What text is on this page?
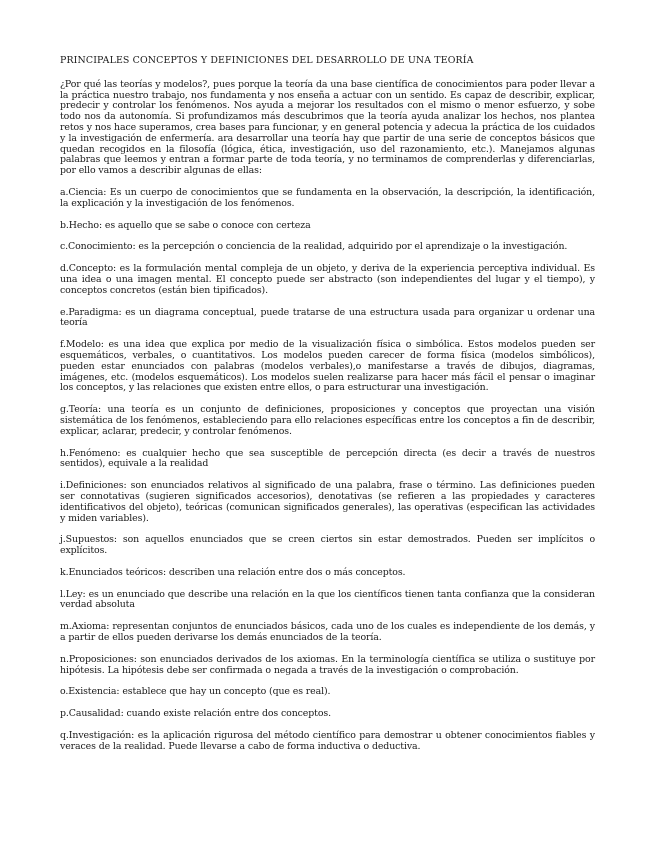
PRINCIPALES CONCEPTOS Y DEFINICIONES DEL DESARROLLO DE UNA TEORÍA

¿Por qué las teorías y modelos?, pues porque la teoría da una base científica de conocimientos para poder llevar a la práctica nuestro trabajo, nos fundamenta y nos enseña a actuar con un sentido. Es capaz de describir, explicar, predecir y controlar los fenómenos. Nos ayuda a mejorar los resultados con el mismo o menor esfuerzo, y sobe todo nos da autonomía. Si profundizamos más descubrimos que la teoría ayuda analizar los hechos, nos plantea retos y nos hace superamos, crea bases para funcionar, y en general potencia y adecua la práctica de los cuidados y la investigación de enfermería. ara desarrollar una teoría hay que partir de una serie de conceptos básicos que quedan recogidos en la filosofía (lógica, ética, investigación, uso del razonamiento, etc.). Manejamos algunas palabras que leemos y entran a formar parte de toda teoría, y no terminamos de comprenderlas y diferenciarlas, por ello vamos a describir algunas de ellas:

a.Ciencia: Es un cuerpo de conocimientos que se fundamenta en la observación, la descripción, la identificación, la explicación y la investigación de los fenómenos.

b.Hecho: es aquello que se sabe o conoce con certeza

c.Conocimiento: es la percepción o conciencia de la realidad, adquirido por el aprendizaje o la investigación.

d.Concepto: es la formulación mental compleja de un objeto, y deriva de la experiencia perceptiva individual. Es una idea o una imagen mental. El concepto puede ser abstracto (son independientes del lugar y el tiempo), y conceptos concretos (están bien tipificados).

e.Paradigma: es un diagrama conceptual, puede tratarse de una estructura usada para organizar u ordenar una teoría

f.Modelo: es una idea que explica por medio de la visualización física o simbólica. Estos modelos pueden ser esquemáticos, verbales, o cuantitativos. Los modelos pueden carecer de forma física (modelos simbólicos), pueden estar enunciados con palabras (modelos verbales),o manifestarse a través de dibujos, diagramas, imágenes, etc. (modelos esquemáticos). Los modelos suelen realizarse para hacer más fácil el pensar o imaginar los conceptos, y las relaciones que existen entre ellos, o para estructurar una investigación.

g.Teoría: una teoría es un conjunto de definiciones, proposiciones y conceptos que proyectan una visión sistemática de los fenómenos, estableciendo para ello relaciones específicas entre los conceptos a fin de describir, explicar, aclarar, predecir, y controlar fenómenos.

h.Fenómeno: es cualquier hecho que sea susceptible de percepción directa (es decir a través de nuestros sentidos), equivale a la realidad

i.Definiciones: son enunciados relativos al significado de una palabra, frase o término. Las definiciones pueden ser connotativas (sugieren significados accesorios), denotativas (se refieren a las propiedades y caracteres identificativos del objeto), teóricas (comunican significados generales), las operativas (especifican las actividades y miden variables).

j.Supuestos: son aquellos enunciados que se creen ciertos sin estar demostrados. Pueden ser implícitos o explícitos.

k.Enunciados teóricos: describen una relación entre dos o más conceptos.

l.Ley: es un enunciado que describe una relación en la que los científicos tienen tanta confianza que la consideran verdad absoluta

m.Axioma: representan conjuntos de enunciados básicos, cada uno de los cuales es independiente de los demás, y a partir de ellos pueden derivarse los demás enunciados de la teoría.

n.Proposiciones: son enunciados derivados de los axiomas. En la terminología científica se utiliza o sustituye por hipótesis. La hipótesis debe ser confirmada o negada a través de la investigación o comprobación.

o.Existencia: establece que hay un concepto (que es real).

p.Causalidad: cuando existe relación entre dos conceptos.

q.Investigación: es la aplicación rigurosa del método científico para demostrar u obtener conocimientos fiables y veraces de la realidad. Puede llevarse a cabo de forma inductiva o deductiva.
